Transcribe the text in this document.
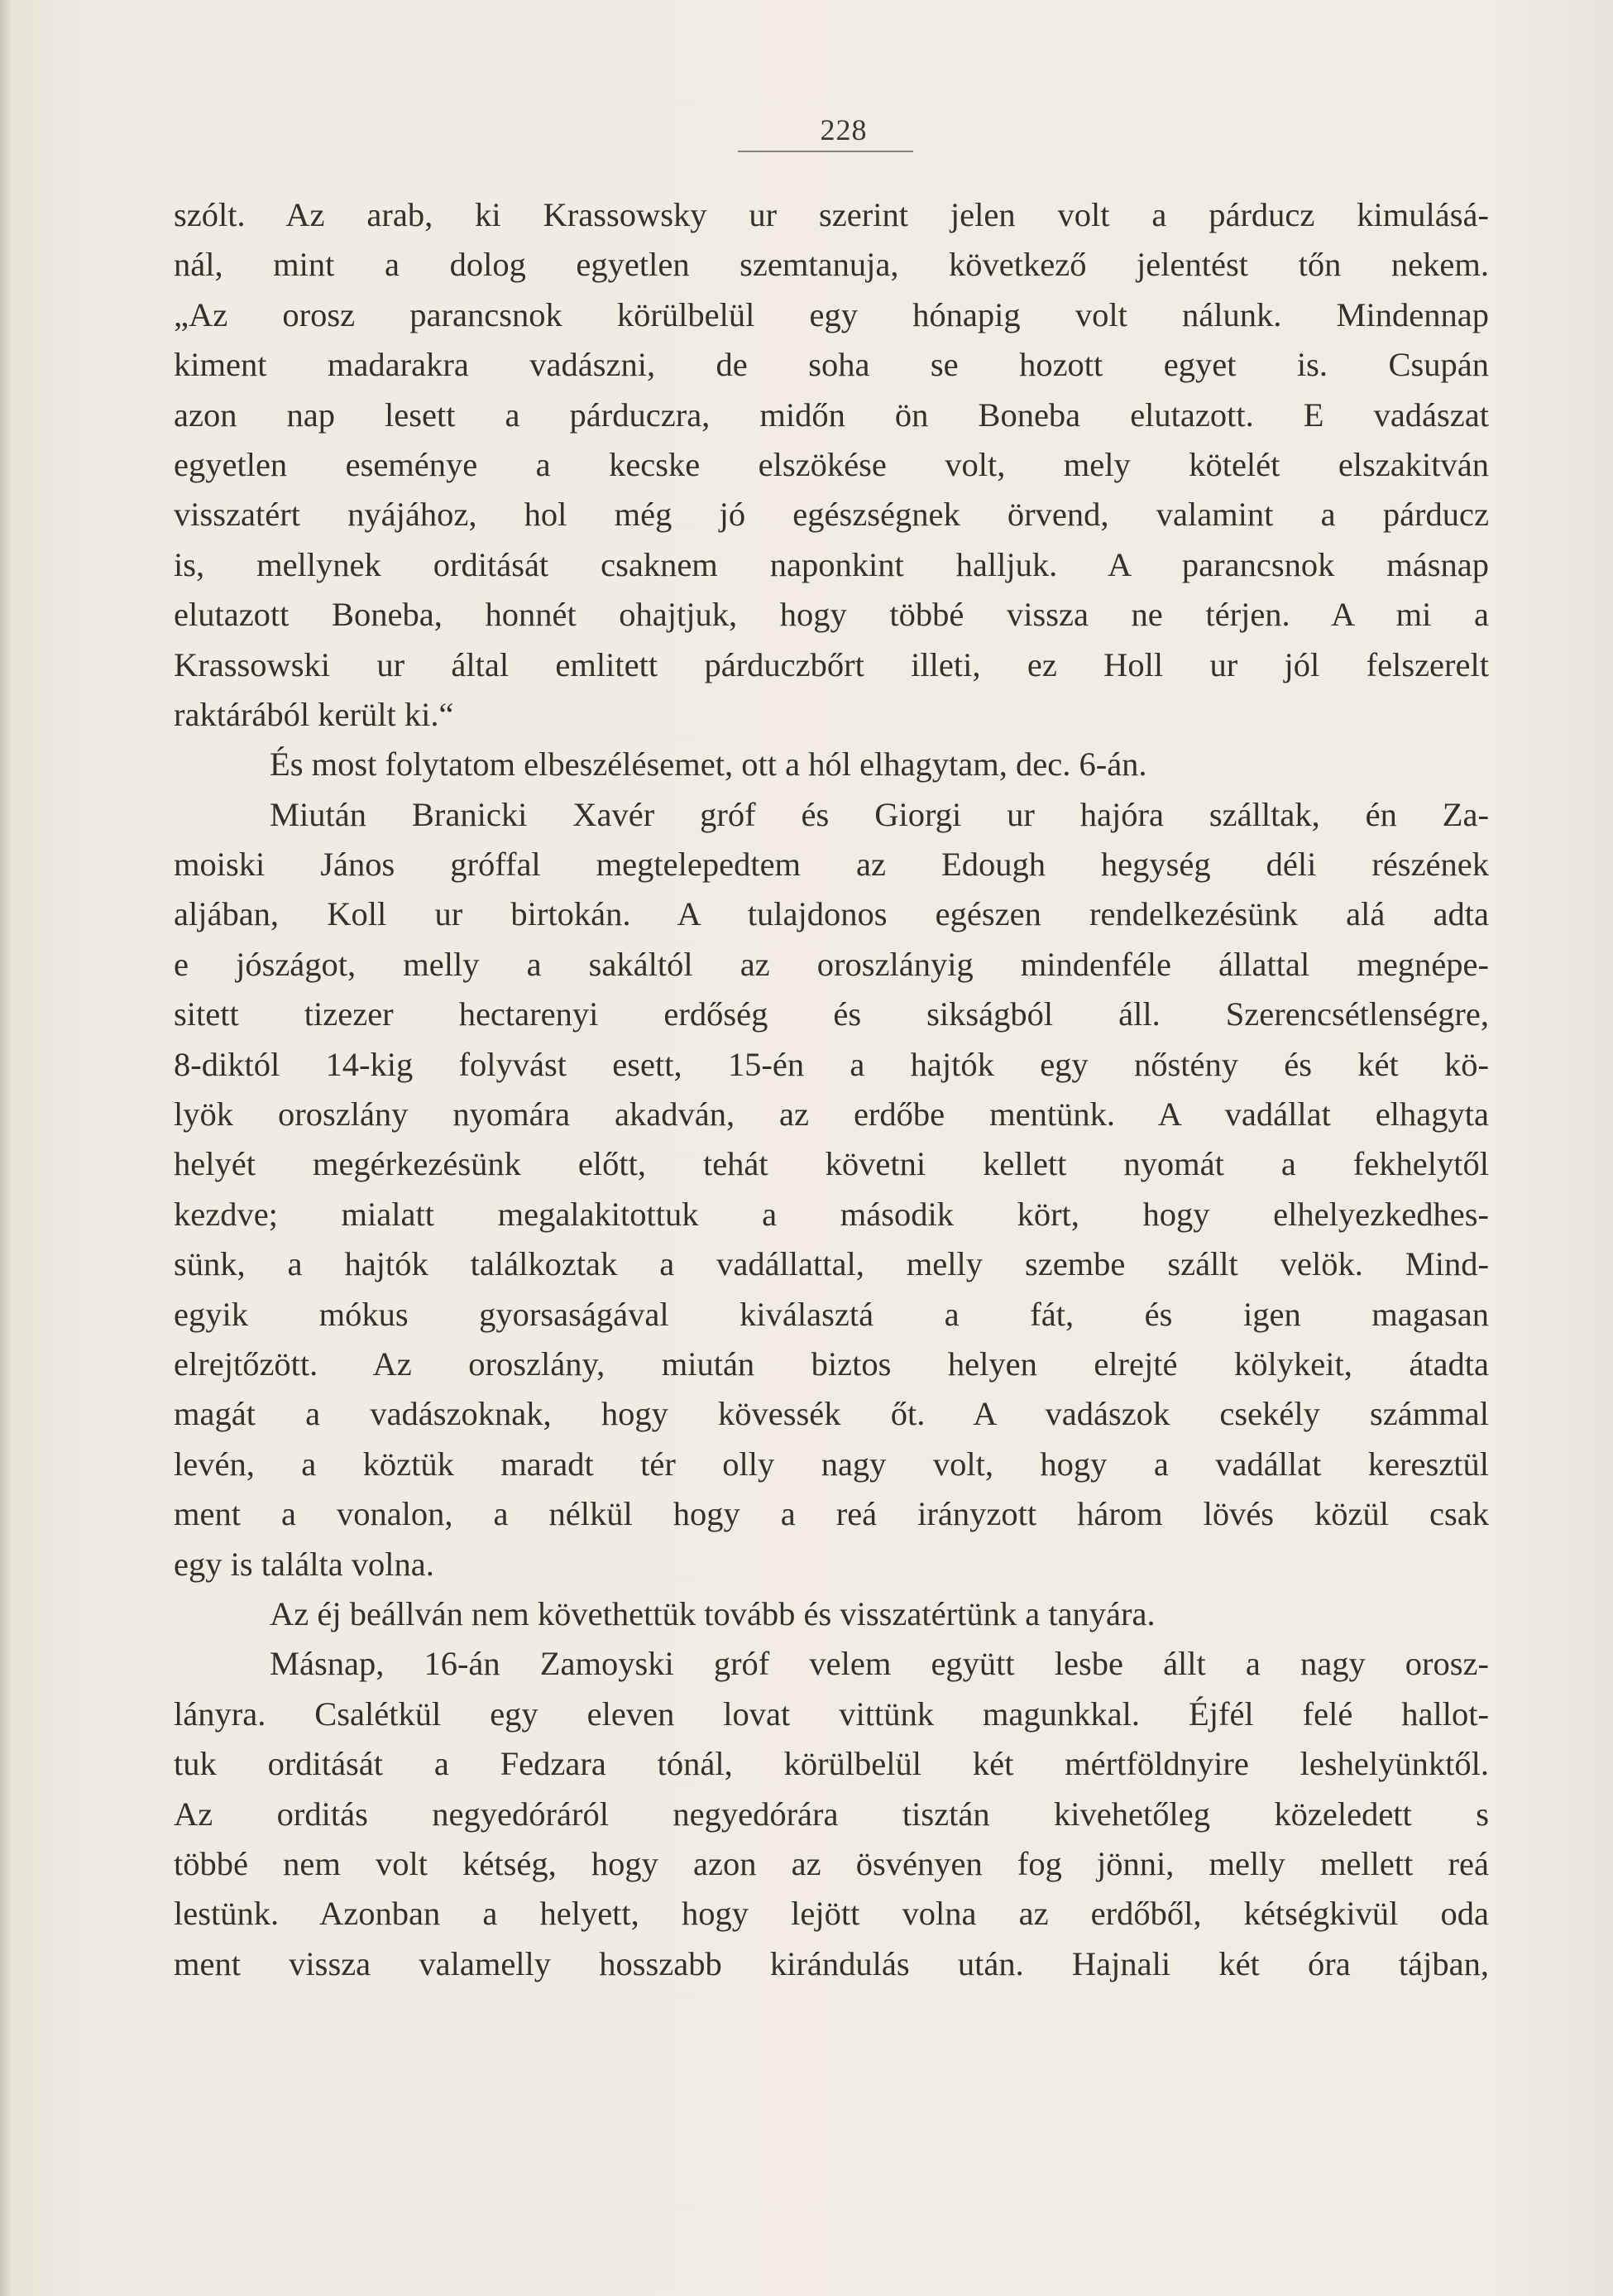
228
szólt. Az arab, ki Krassowsky ur szerint jelen volt a párducz kimulásá-
nál, mint a dolog egyetlen szemtanuja, következő jelentést tőn nekem.
„Az orosz parancsnok körülbelül egy hónapig volt nálunk. Mindennap
kiment madarakra vadászni, de soha se hozott egyet is. Csupán
azon nap lesett a párduczra, midőn ön Boneba elutazott. E vadászat
egyetlen eseménye a kecske elszökése volt, mely kötelét elszakitván
visszatért nyájához, hol még jó egészségnek örvend, valamint a párducz
is, mellynek orditását csaknem naponkint halljuk. A parancsnok másnap
elutazott Boneba, honnét ohajtjuk, hogy többé vissza ne térjen. A mi a
Krassowski ur által emlitett párduczbőrt illeti, ez Holl ur jól felszerelt
raktárából került ki.“
És most folytatom elbeszélésemet, ott a hól elhagytam, dec. 6-án.
Miután Branicki Xavér gróf és Giorgi ur hajóra szálltak, én Za-
moiski János gróffal megtelepedtem az Edough hegység déli részének
aljában, Koll ur birtokán. A tulajdonos egészen rendelkezésünk alá adta
e jószágot, melly a sakáltól az oroszlányig mindenféle állattal megnépe-
sitett tizezer hectarenyi erdőség és sikságból áll. Szerencsétlenségre,
8-diktól 14-kig folyvást esett, 15-én a hajtók egy nőstény és két kö-
lyök oroszlány nyomára akadván, az erdőbe mentünk. A vadállat elhagyta
helyét megérkezésünk előtt, tehát követni kellett nyomát a fekhelytől
kezdve; mialatt megalakitottuk a második kört, hogy elhelyezkedhes-
sünk, a hajtók találkoztak a vadállattal, melly szembe szállt velök. Mind-
egyik mókus gyorsaságával kiválasztá a fát, és igen magasan
elrejtőzött. Az oroszlány, miután biztos helyen elrejté kölykeit, átadta
magát a vadászoknak, hogy kövessék őt. A vadászok csekély számmal
levén, a köztük maradt tér olly nagy volt, hogy a vadállat keresztül
ment a vonalon, a nélkül hogy a reá irányzott három lövés közül csak
egy is találta volna.
Az éj beállván nem követhettük tovább és visszatértünk a tanyára.
Másnap, 16-án Zamoyski gróf velem együtt lesbe állt a nagy orosz-
lányra. Csalétkül egy eleven lovat vittünk magunkkal. Éjfél felé hallot-
tuk orditását a Fedzara tónál, körülbelül két mértföldnyire leshelyünktől.
Az orditás negyedóráról negyedórára tisztán kivehetőleg közeledett s
többé nem volt kétség, hogy azon az ösvényen fog jönni, melly mellett reá
lestünk. Azonban a helyett, hogy lejött volna az erdőből, kétségkivül oda
ment vissza valamelly hosszabb kirándulás után. Hajnali két óra tájban,
